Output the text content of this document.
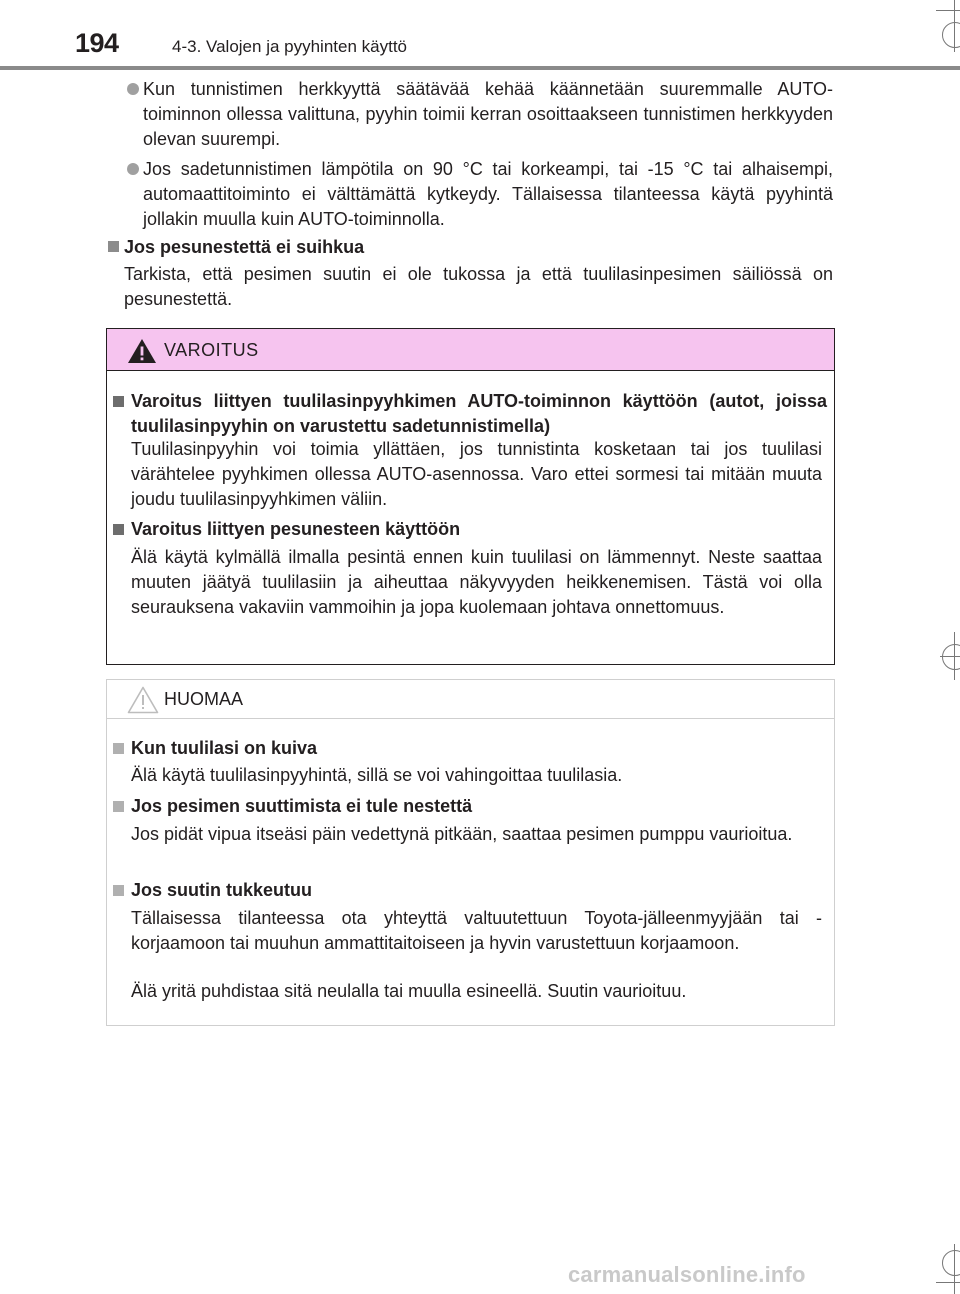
194	4-3. Valojen ja pyyhinten käyttö
Kun tunnistimen herkkyyttä säätävää kehää käännetään suuremmalle AUTO-toiminnon ollessa valittuna, pyyhin toimii kerran osoittaakseen tunnistimen herkkyyden olevan suurempi.
Jos sadetunnistimen lämpötila on 90 °C tai korkeampi, tai -15 °C tai alhaisempi, automaattitoiminto ei välttämättä kytkeydy. Tällaisessa tilanteessa käytä pyyhintä jollakin muulla kuin AUTO-toiminnolla.
Jos pesunestettä ei suihkua
Tarkista, että pesimen suutin ei ole tukossa ja että tuulilasinpesimen säiliössä on pesunestettä.
VAROITUS
Varoitus liittyen tuulilasinpyyhkimen AUTO-toiminnon käyttöön (autot, joissa tuulilasinpyyhin on varustettu sadetunnistimella)
Tuulilasinpyyhin voi toimia yllättäen, jos tunnistinta kosketaan tai jos tuulilasi värähtelee pyyhkimen ollessa AUTO-asennossa. Varo ettei sormesi tai mitään muuta joudu tuulilasinpyyhkimen väliin.
Varoitus liittyen pesunesteen käyttöön
Älä käytä kylmällä ilmalla pesintä ennen kuin tuulilasi on lämmennyt. Neste saattaa muuten jäätyä tuulilasiin ja aiheuttaa näkyvyyden heikkenemisen. Tästä voi olla seurauksena vakaviin vammoihin ja jopa kuolemaan johtava onnettomuus.
HUOMAA
Kun tuulilasi on kuiva
Älä käytä tuulilasinpyyhintä, sillä se voi vahingoittaa tuulilasia.
Jos pesimen suuttimista ei tule nestettä
Jos pidät vipua itseäsi päin vedettynä pitkään, saattaa pesimen pumppu vaurioitua.
Jos suutin tukkeutuu
Tällaisessa tilanteessa ota yhteyttä valtuutettuun Toyota-jälleenmyyjään tai -korjaamoon tai muuhun ammattitaitoiseen ja hyvin varustettuun korjaamoon.
Älä yritä puhdistaa sitä neulalla tai muulla esineellä. Suutin vaurioituu.
carmanualsonline.info
